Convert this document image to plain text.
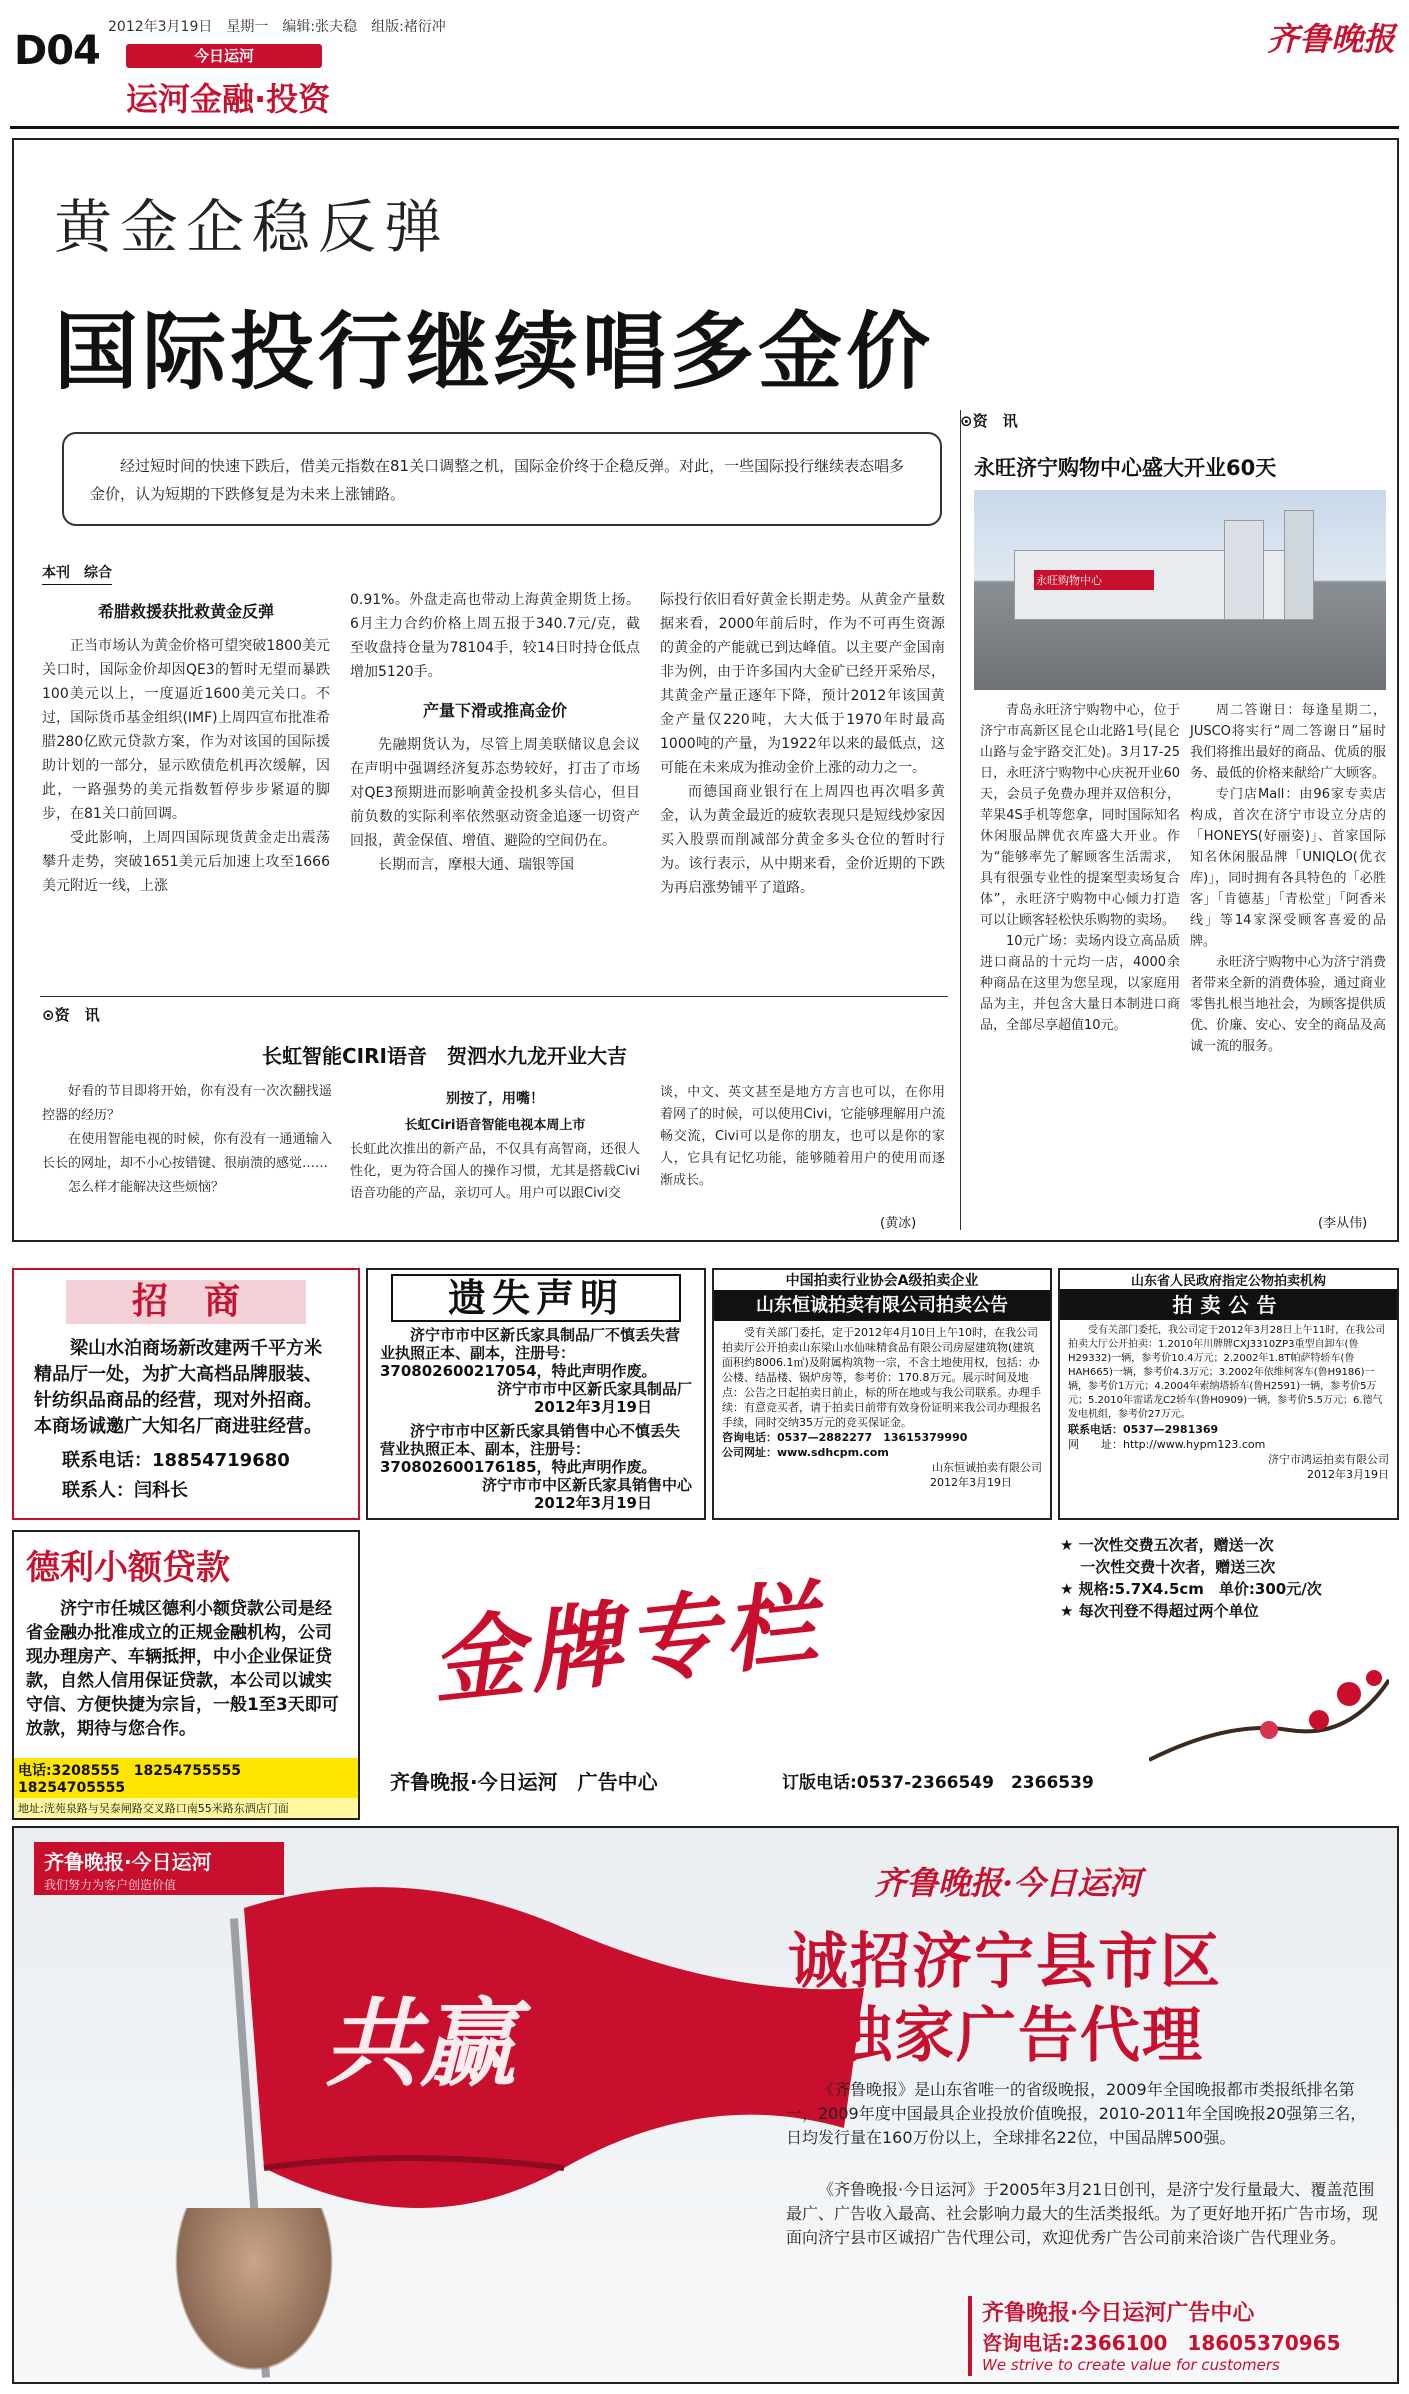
D04
2012年3月19日　星期一　编辑:张夫稳　组版:褚衍冲
今日运河
运河金融·投资
齐鲁晚报
黄金企稳反弹
国际投行继续唱多金价

经过短时间的快速下跌后，借美元指数在81关口调整之机，国际金价终于企稳反弹。对此，一些国际投行继续表态唱多金价，认为短期的下跌修复是为未来上涨铺路。

本刊　综合
希腊救援获批救黄金反弹

正当市场认为黄金价格可望突破1800美元关口时，国际金价却因QE3的暂时无望而暴跌100美元以上，一度逼近1600美元关口。不过，国际货币基金组织(IMF)上周四宣布批准希腊280亿欧元贷款方案，作为对该国的国际援助计划的一部分，显示欧债危机再次缓解，因此，一路强势的美元指数暂停步步紧逼的脚步，在81关口前回调。

受此影响，上周四国际现货黄金走出震荡攀升走势，突破1651美元后加速上攻至1666美元附近一线，上涨

0.91%。外盘走高也带动上海黄金期货上扬。6月主力合约价格上周五报于340.7元/克，截至收盘持仓量为78104手，较14日时持仓低点增加5120手。

产量下滑或推高金价

先融期货认为，尽管上周美联储议息会议在声明中强调经济复苏态势较好，打击了市场对QE3预期进而影响黄金投机多头信心，但目前负数的实际利率依然驱动资金追逐一切资产回报，黄金保值、增值、避险的空间仍在。

长期而言，摩根大通、瑞银等国

际投行依旧看好黄金长期走势。从黄金产量数据来看，2000年前后时，作为不可再生资源的黄金的产能就已到达峰值。以主要产金国南非为例，由于许多国内大金矿已经开采殆尽，其黄金产量正逐年下降，预计2012年该国黄金产量仅220吨，大大低于1970年时最高1000吨的产量，为1922年以来的最低点，这可能在未来成为推动金价上涨的动力之一。

而德国商业银行在上周四也再次唱多黄金，认为黄金最近的疲软表现只是短线炒家因买入股票而削减部分黄金多头仓位的暂时行为。该行表示，从中期来看，金价近期的下跌为再启涨势铺平了道路。

⊙资　讯
永旺济宁购物中心盛大开业60天
永旺购物中心

青岛永旺济宁购物中心，位于济宁市高新区昆仑山北路1号(昆仑山路与金宇路交汇处)。3月17-25日，永旺济宁购物中心庆祝开业60天，会员子免费办理并双倍积分，苹果4S手机等您拿，同时国际知名休闲服品牌优衣库盛大开业。作为“能够率先了解顾客生活需求，具有很强专业性的提案型卖场复合体”，永旺济宁购物中心倾力打造可以让顾客轻松快乐购物的卖场。

10元广场：卖场内设立高品质进口商品的十元均一店，4000余种商品在这里为您呈现，以家庭用品为主，并包含大量日本制进口商品，全部尽享超值10元。

周二答谢日：每逢星期二，JUSCO将实行“周二答谢日”届时我们将推出最好的商品、优质的服务、最低的价格来献给广大顾客。

专门店Mall：由96家专卖店构成，首次在济宁市设立分店的「HONEYS(好丽姿)」、首家国际知名休闲服品牌「UNIQLO(优衣库)」，同时拥有各具特色的「必胜客」「肯德基」「青松堂」「阿香米线」等14家深受顾客喜爱的品牌。

永旺济宁购物中心为济宁消费者带来全新的消费体验，通过商业零售扎根当地社会，为顾客提供质优、价廉、安心、安全的商品及高诚一流的服务。

(李从伟)
⊙资　讯
长虹智能CIRI语音　贺泗水九龙开业大吉

好看的节目即将开始，你有没有一次次翻找遥控器的经历？

在使用智能电视的时候，你有没有一通通输入长长的网址，却不小心按错键、很崩溃的感觉……

怎么样才能解决这些烦恼？

别按了，用嘴！
长虹Ciri语音智能电视本周上市

长虹此次推出的新产品，不仅具有高智商，还很人性化，更为符合国人的操作习惯，尤其是搭载Civi语音功能的产品，亲切可人。用户可以跟Civi交

谈，中文、英文甚至是地方方言也可以，在你用着网了的时候，可以使用Civi，它能够理解用户流畅交流，Civi可以是你的朋友，也可以是你的家人，它具有记忆功能，能够随着用户的使用而逐渐成长。

(黄冰)
招　商
梁山水泊商场新改建两千平方米精品厅一处，为扩大高档品牌服装、针纺织品商品的经营，现对外招商。本商场诚邀广大知名厂商进驻经营。
联系电话：18854719680
联系人：闫科长
遗失声明
济宁市市中区新氏家具制品厂不慎丢失营业执照正本、副本，注册号：370802600217054，特此声明作废。
济宁市市中区新氏家具制品厂
2012年3月19日
济宁市市中区新氏家具销售中心不慎丢失营业执照正本、副本，注册号：370802600176185，特此声明作废。
济宁市市中区新氏家具销售中心
2012年3月19日
中国拍卖行业协会A级拍卖企业
山东恒诚拍卖有限公司拍卖公告

受有关部门委托，定于2012年4月10日上午10时，在我公司拍卖厅公开拍卖山东梁山水仙味精食品有限公司房屋建筑物(建筑面积约8006.1㎡)及附属构筑物一宗，不含土地使用权，包括：办公楼、结晶楼、锅炉房等，参考价：170.8万元。展示时间及地点：公告之日起拍卖日前止，标的所在地或与我公司联系。办理手续：有意竞买者，请于拍卖日前带有效身份证明来我公司办理报名手续，同时交纳35万元的竞买保证金。

咨询电话：0537—2882277　13615379990

公司网址：www.sdhcpm.com

山东恒诚拍卖有限公司

2012年3月19日

山东省人民政府指定公物拍卖机构
拍卖公告

受有关部门委托，我公司定于2012年3月28日上午11时，在我公司拍卖大厅公开拍卖：1.2010年川牌牌CXJ3310ZP3重型自卸车(鲁H29332)一辆，参考价10.4万元；2.2002年1.8T帕萨特轿车(鲁HAH665)一辆，参考价4.3万元；3.2002年依维柯客车(鲁H9186)一辆，参考价1万元；4.2004年索纳塔轿车(鲁H2591)一辆，参考价5万元；5.2010年雷诺龙C2轿车(鲁H0909)一辆，参考价5.5万元；6.德气发电机组，参考价27万元。

联系电话：0537—2981369

网　　址：http://www.hypm123.com

济宁市鸿运拍卖有限公司

2012年3月19日

德利小额贷款
济宁市任城区德利小额贷款公司是经省金融办批准成立的正规金融机构，公司现办理房产、车辆抵押，中小企业保证贷款，自然人信用保证贷款，本公司以诚实守信、方便快捷为宗旨，一般1至3天即可放款，期待与您合作。
电话:3208555　18254755555　18254705555
地址:洸苑泉路与吴泰闸路交叉路口南55米路东酒店门面
金牌专栏
齐鲁晚报·今日运河　广告中心	订版电话:0537-2366549　2366539
★ 一次性交费五次者，赠送一次
　 一次性交费十次者，赠送三次
★ 规格:5.7X4.5cm　单价:300元/次
★ 每次刊登不得超过两个单位
齐鲁晚报·今日运河
我们努力为客户创造价值
共赢
齐鲁晚报·今日运河
诚招济宁县市区
独家广告代理
《齐鲁晚报》是山东省唯一的省级晚报，2009年全国晚报都市类报纸排名第一，2009年度中国最具企业投放价值晚报，2010-2011年全国晚报20强第三名，日均发行量在160万份以上，全球排名22位，中国品牌500强。
《齐鲁晚报·今日运河》于2005年3月21日创刊，是济宁发行量最大、覆盖范围最广、广告收入最高、社会影响力最大的生活类报纸。为了更好地开拓广告市场，现面向济宁县市区诚招广告代理公司，欢迎优秀广告公司前来洽谈广告代理业务。
齐鲁晚报·今日运河广告中心
咨询电话:2366100　18605370965
We strive to create value for customers
